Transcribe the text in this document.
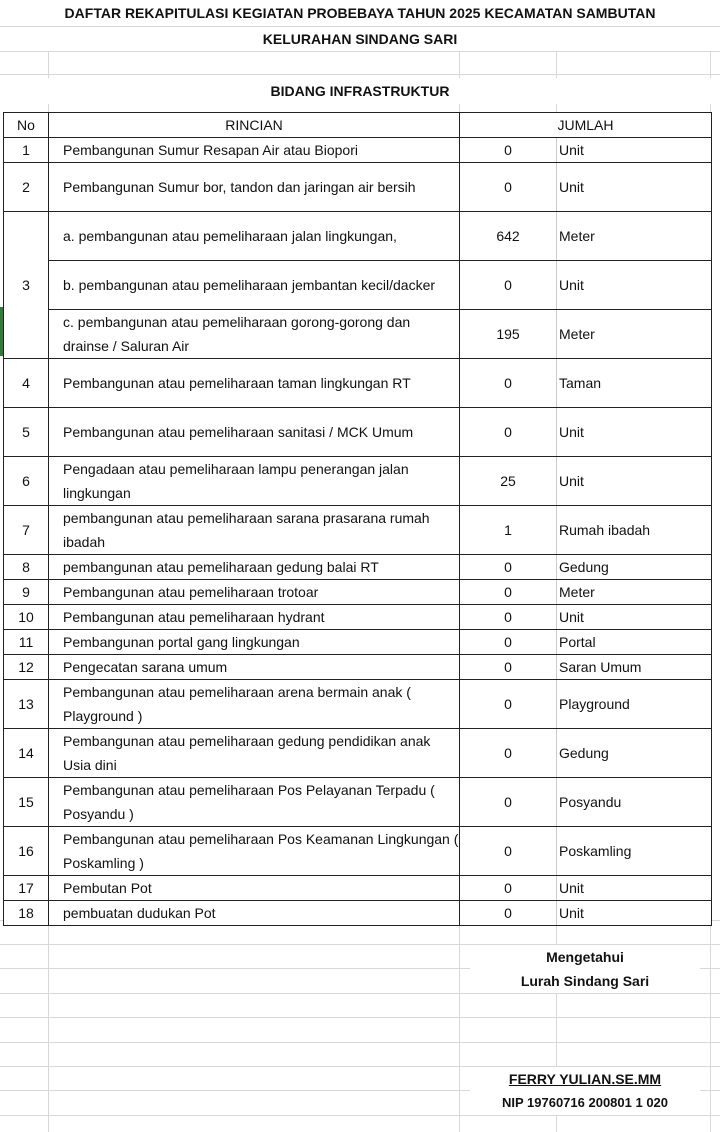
DAFTAR REKAPITULASI KEGIATAN PROBEBAYA TAHUN 2025 KECAMATAN SAMBUTAN
KELURAHAN SINDANG SARI
BIDANG INFRASTRUKTUR
No	RINCIAN	JUMLAH	
1	Pembangunan Sumur Resapan Air atau Biopori	0	Unit
2	Pembangunan Sumur bor, tandon dan jaringan air bersih	0	Unit
3	a. pembangunan atau pemeliharaan jalan lingkungan,	642	Meter
	b. pembangunan atau pemeliharaan jembantan kecil/dacker	0	Unit
	c. pembangunan atau pemeliharaan gorong-gorong dan drainse / Saluran Air	195	Meter
4	Pembangunan atau pemeliharaan taman lingkungan RT	0	Taman
5	Pembangunan atau pemeliharaan sanitasi / MCK Umum	0	Unit
6	Pengadaan atau pemeliharaan lampu penerangan jalan lingkungan	25	Unit
7	pembangunan atau pemeliharaan sarana prasarana rumah ibadah	1	Rumah ibadah
8	pembangunan atau pemeliharaan gedung balai RT	0	Gedung
9	Pembangunan atau pemeliharaan trotoar	0	Meter
10	Pembangunan atau pemeliharaan hydrant	0	Unit
11	Pembangunan portal gang lingkungan	0	Portal
12	Pengecatan sarana umum	0	Saran Umum
13	Pembangunan atau pemeliharaan arena bermain anak ( Playground )	0	Playground
14	Pembangunan atau pemeliharaan gedung pendidikan anak Usia dini	0	Gedung
15	Pembangunan atau pemeliharaan Pos Pelayanan Terpadu ( Posyandu )	0	Posyandu
16	Pembangunan atau pemeliharaan Pos Keamanan Lingkungan ( Poskamling )	0	Poskamling
17	Pembutan Pot	0	Unit
18	pembuatan dudukan Pot	0	Unit
Mengetahui
Lurah Sindang Sari
FERRY YULIAN.SE.MM
NIP 19760716 200801 1 020
